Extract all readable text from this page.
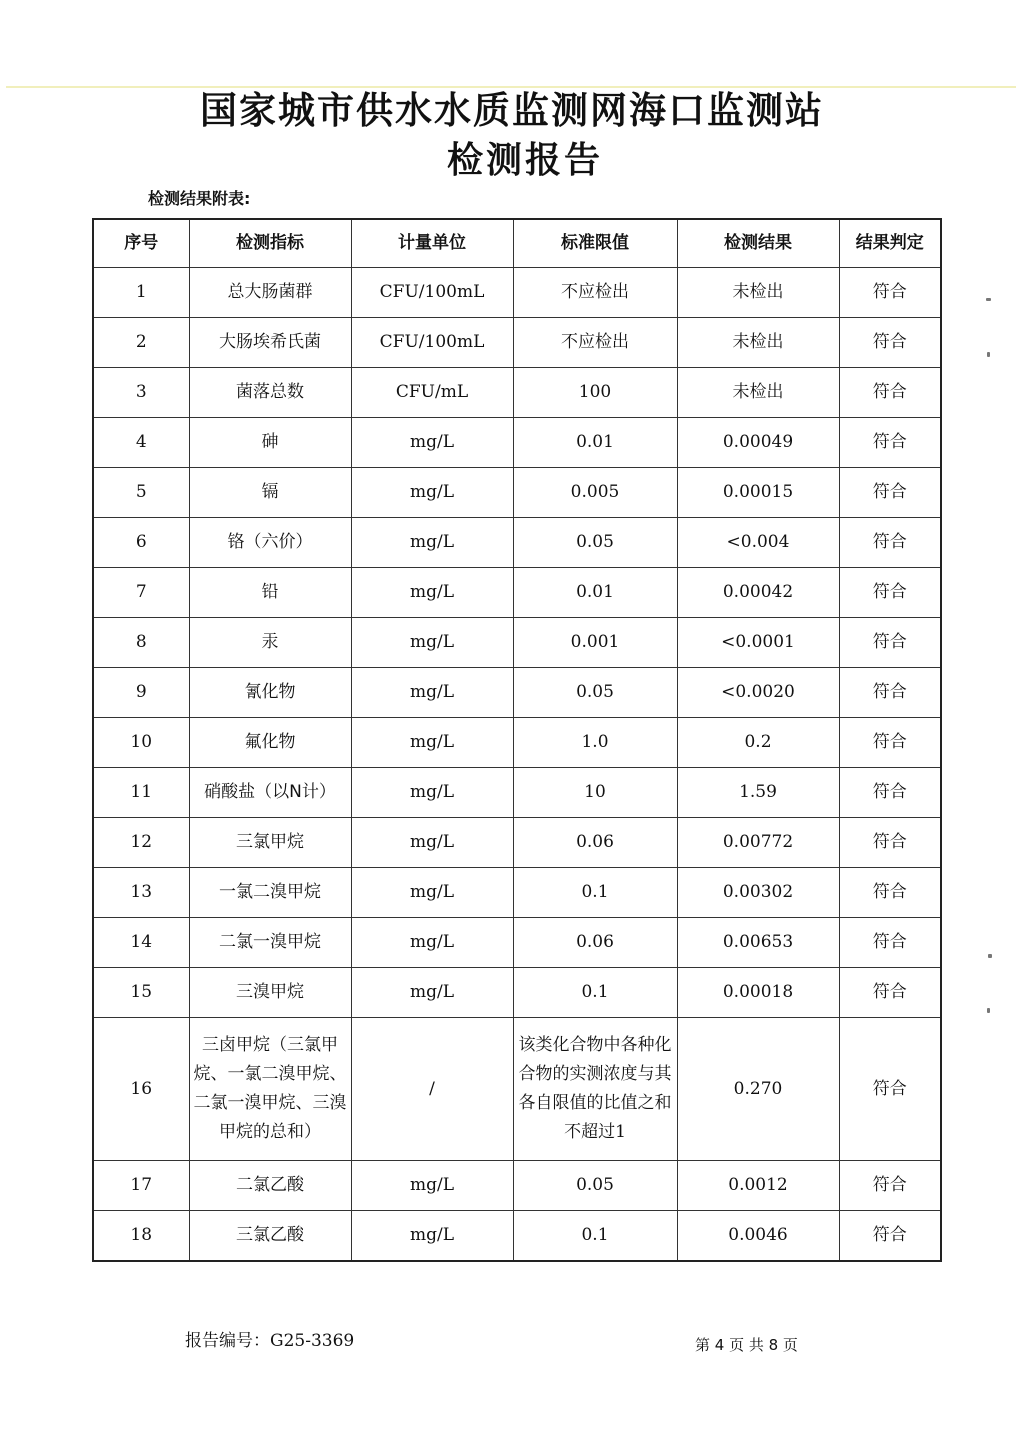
国家城市供水水质监测网海口监测站
检测报告
检测结果附表:
序号	检测指标	计量单位	标准限值	检测结果	结果判定
1	总大肠菌群	CFU/100mL	不应检出	未检出	符合
2	大肠埃希氏菌	CFU/100mL	不应检出	未检出	符合
3	菌落总数	CFU/mL	100	未检出	符合
4	砷	mg/L	0.01	0.00049	符合
5	镉	mg/L	0.005	0.00015	符合
6	铬（六价）	mg/L	0.05	<0.004	符合
7	铅	mg/L	0.01	0.00042	符合
8	汞	mg/L	0.001	<0.0001	符合
9	氰化物	mg/L	0.05	<0.0020	符合
10	氟化物	mg/L	1.0	0.2	符合
11	硝酸盐（以N计）	mg/L	10	1.59	符合
12	三氯甲烷	mg/L	0.06	0.00772	符合
13	一氯二溴甲烷	mg/L	0.1	0.00302	符合
14	二氯一溴甲烷	mg/L	0.06	0.00653	符合
15	三溴甲烷	mg/L	0.1	0.00018	符合
16	三卤甲烷（三氯甲烷、一氯二溴甲烷、二氯一溴甲烷、三溴甲烷的总和）	/	该类化合物中各种化合物的实测浓度与其各自限值的比值之和不超过1	0.270	符合
17	二氯乙酸	mg/L	0.05	0.0012	符合
18	三氯乙酸	mg/L	0.1	0.0046	符合
报告编号：G25-3369	第 4 页 共 8 页
